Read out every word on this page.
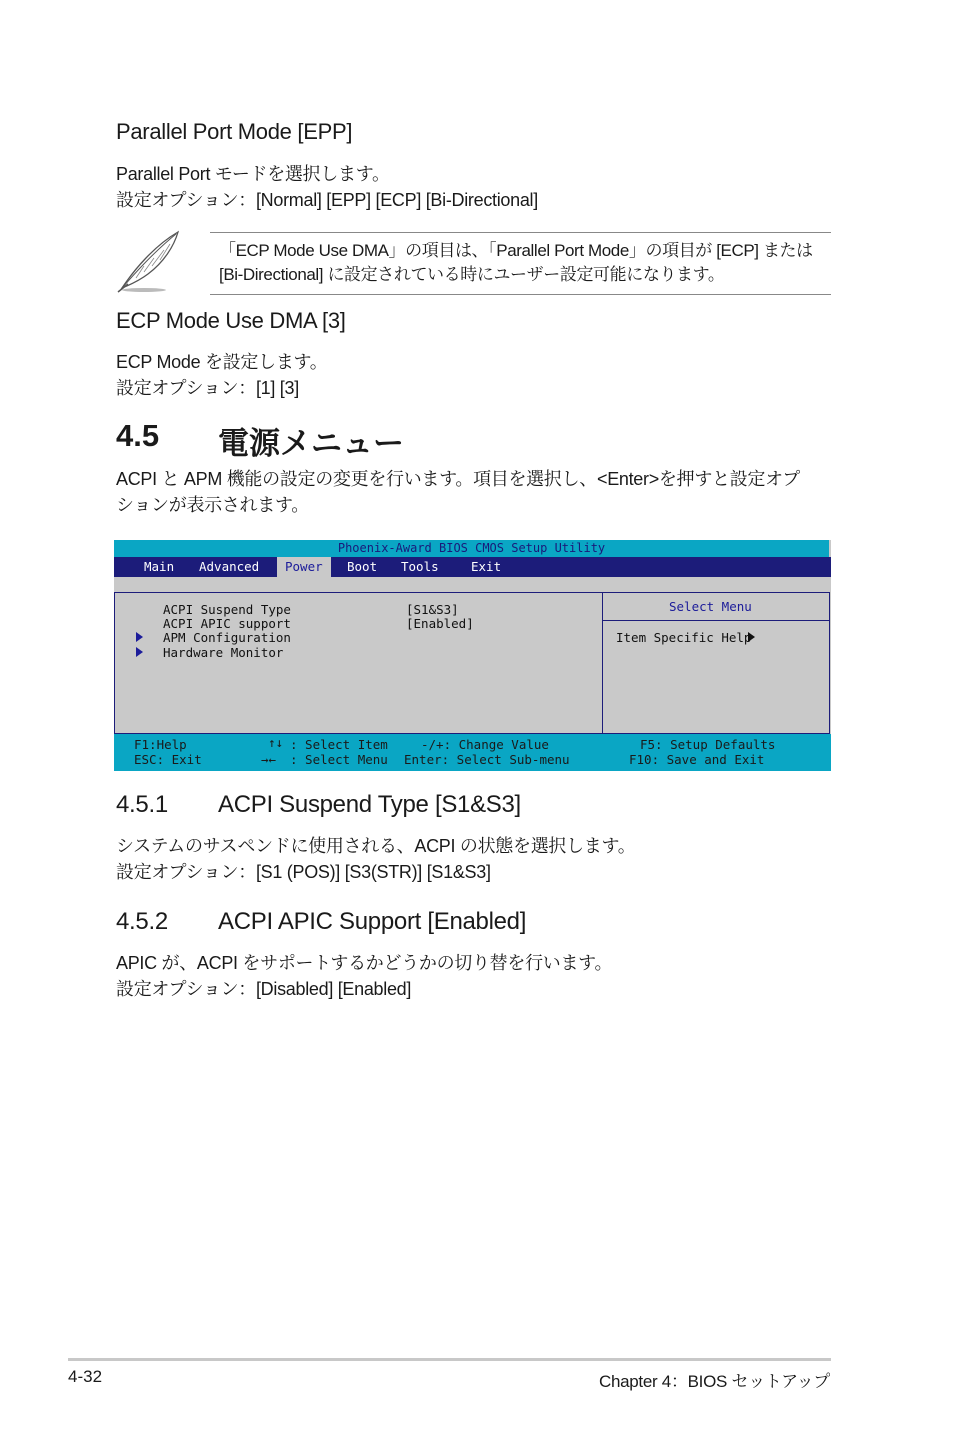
Parallel Port Mode [EPP]
Parallel Port モードを選択します。
設定オプション：[Normal] [EPP] [ECP] [Bi-Directional]
「ECP Mode Use DMA」の項目は、「Parallel Port Mode」の項目が [ECP] または
[Bi-Directional] に設定されている時にユーザー設定可能になります。
ECP Mode Use DMA [3]
ECP Mode を設定します。
設定オプション：[1] [3]
4.5 電源メニュー
ACPI と APM 機能の設定の変更を行います。項目を選択し、<Enter>を押すと設定オプ
ションが表示されます。
Phoenix-Award BIOS CMOS Setup Utility
Main Advanced	Power	Boot Tools	Exit
ACPI Suspend Type	[S1&S3]
ACPI APIC support	[Enabled]
APM Configuration
Hardware Monitor
Select Menu
Item Specific Help
F1:Help
ESC: Exit
↑↓ : Select Item
→← : Select Menu
-/+: Change Value
Enter: Select Sub-menu
F5: Setup Defaults
F10: Save and Exit
4.5.1 ACPI Suspend Type [S1&S3]
システムのサスペンドに使用される、ACPI の状態を選択します。
設定オプション：[S1 (POS)] [S3(STR)] [S1&S3]
4.5.2 ACPI APIC Support [Enabled]
APIC が、ACPI をサポートするかどうかの切り替を行います。
設定オプション：[Disabled] [Enabled]
4-32	Chapter 4：BIOS セットアップ
